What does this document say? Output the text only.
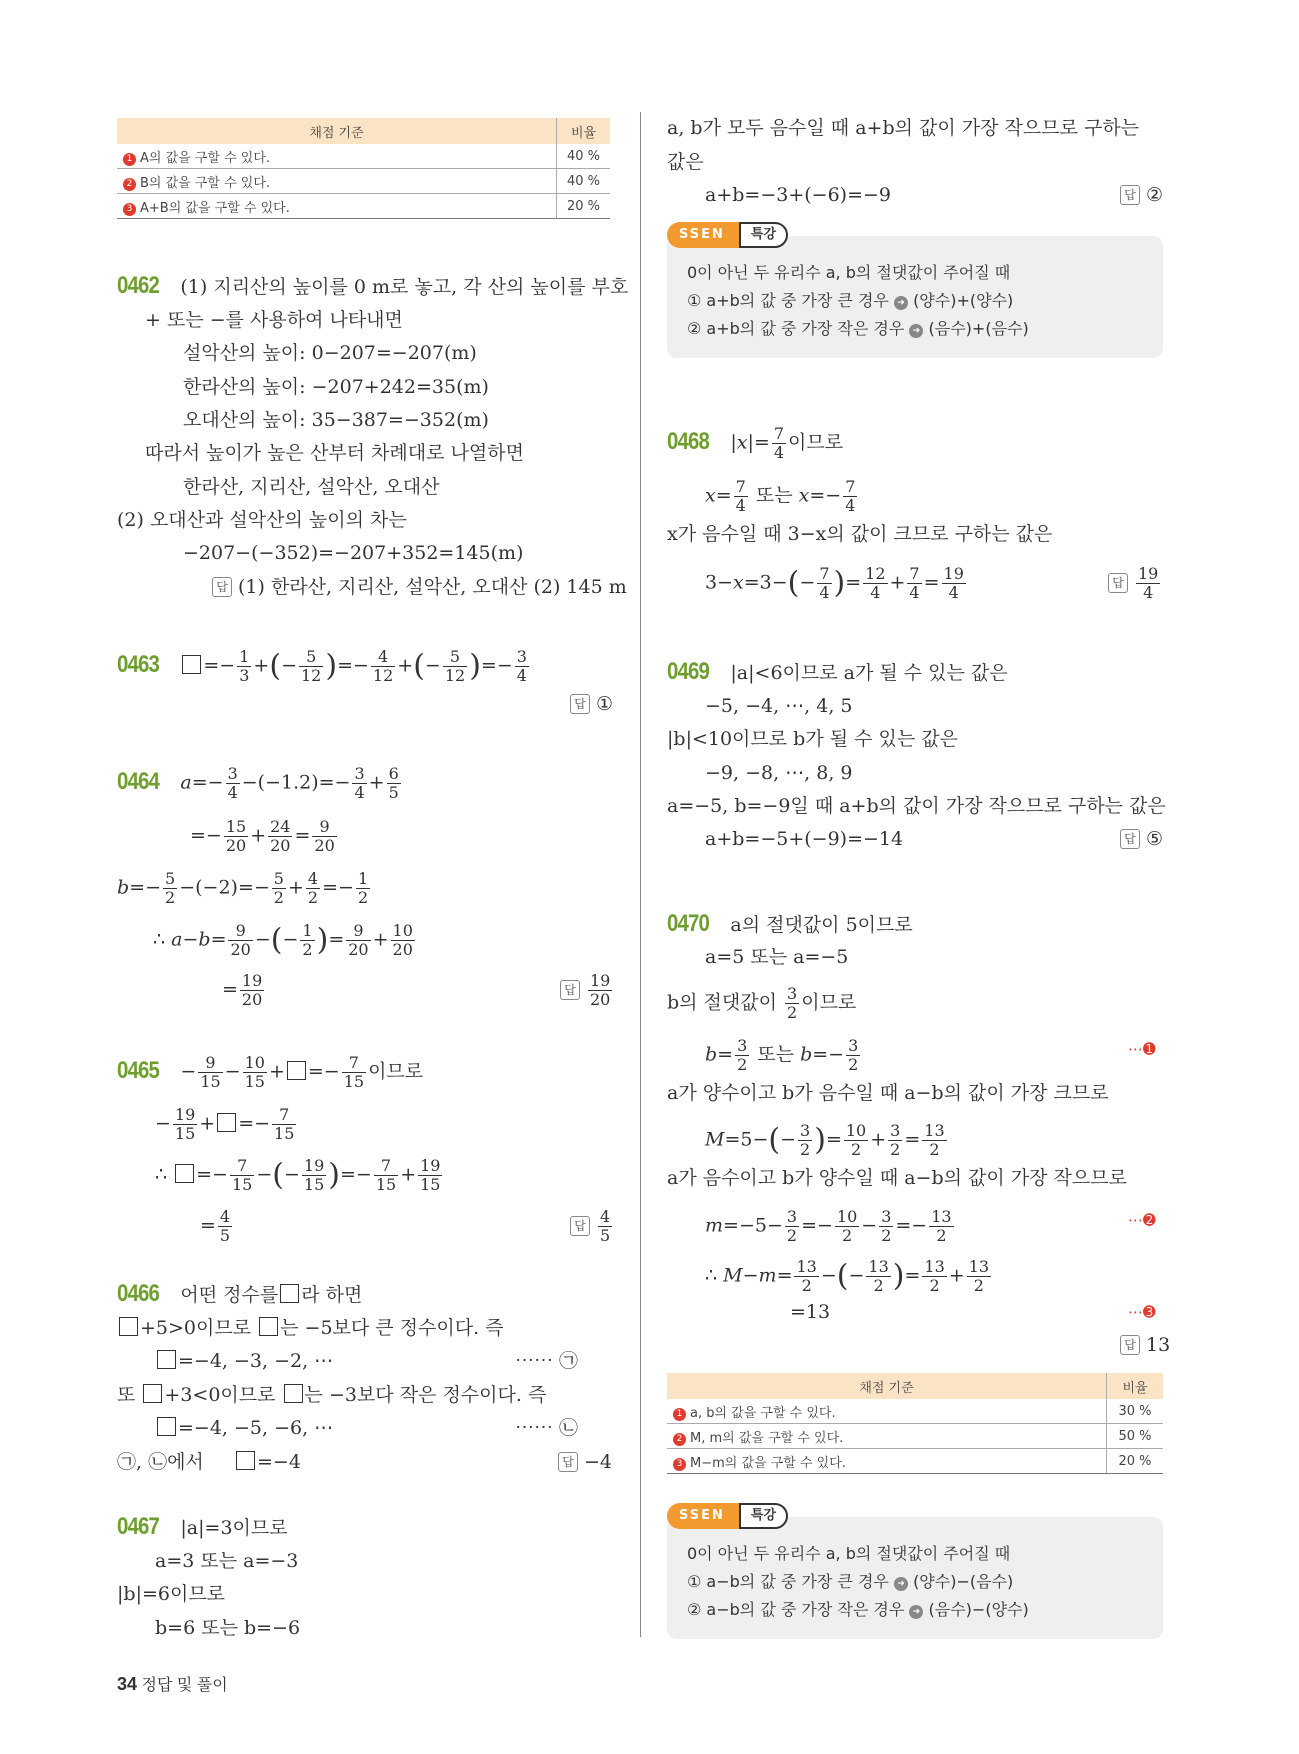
채점 기준	비율
1 A의 값을 구할 수 있다.	40 %
2 B의 값을 구할 수 있다.	40 %
3 A+B의 값을 구할 수 있다.	20 %
0462 (1) 지리산의 높이를 0 m로 놓고, 각 산의 높이를 부호
+ 또는 −를 사용하여 나타내면
설악산의 높이: 0−207=−207(m)
한라산의 높이: −207+242=35(m)
오대산의 높이: 35−387=−352(m)
따라서 높이가 높은 산부터 차례대로 나열하면
한라산, 지리산, 설악산, 오대산
(2) 오대산과 설악산의 높이의 차는
−207−(−352)=−207+352=145(m)
답 (1) 한라산, 지리산, 설악산, 오대산 (2) 145 m
$0463 =- \frac{1}{3}$ +(− $\frac{5}{12}$ )=− $\frac{4}{12}$ +(− $\frac{5}{12}$ )=− $\frac{3}{4}$
답 ①
0464 $a=- \frac{3}{4} -(-1.2)=- \frac{3}{4} + \frac{6}{5}$
=− $\frac{15}{20} + \frac{24}{20} = \frac{9}{20}$
$b=- \frac{5}{2} -(-2)=- \frac{5}{2} + \frac{4}{2} =- \frac{1}{2}$
∴ $a-b= \frac{9}{20}$ −(− $\frac{1}{2}$ )= $\frac{9}{20} + \frac{10}{20}$
= $\frac{19}{20}$	답 $\frac{19}{20}$
$0465 - \frac{9}{15} - \frac{10}{15}$ + =− $\frac{7}{15}$ 이므로
− $\frac{19}{15}$ + =− $\frac{7}{15}$
∴ =− $\frac{7}{15}$ −(− $\frac{19}{15}$ )=− $\frac{7}{15} + \frac{19}{15}$
= $\frac{4}{5}$	답 $\frac{4}{5}$
0466 어떤 정수를 라 하면
+5>0이므로 는 −5보다 큰 정수이다. 즉
=−4, −3, −2, ⋯	⋯⋯ ㉠
또 +3<0이므로 는 −3보다 작은 정수이다. 즉
=−4, −5, −6, ⋯	⋯⋯ ㉡
㉠, ㉡에서	=−4	답 −4
0467 |a|=3이므로
a=3 또는 a=−3
|b|=6이므로
b=6 또는 b=−6
a, b가 모두 음수일 때 a+b의 값이 가장 작으므로 구하는
값은
a+b=−3+(−6)=−9	답 ②
SSEN	특강
0이 아닌 두 유리수 a, b의 절댓값이 주어질 때
① a+b의 값 중 가장 큰 경우 ➜ (양수)+(양수)
② a+b의 값 중 가장 작은 경우 ➜ (음수)+(음수)
0468 $|x|= \frac{7}{4}$ 이므로
$x= \frac{7}{4}$ 또는 $x=- \frac{7}{4}$
x가 음수일 때 3−x의 값이 크므로 구하는 값은
$3-x=3-(- \frac{7}{4}$ )= $\frac{12}{4} + \frac{7}{4} = \frac{19}{4}$	답 $\frac{19}{4}$
0469 |a|<6이므로 a가 될 수 있는 값은
−5, −4, ⋯, 4, 5
|b|<10이므로 b가 될 수 있는 값은
−9, −8, ⋯, 8, 9
a=−5, b=−9일 때 a+b의 값이 가장 작으므로 구하는 값은
a+b=−5+(−9)=−14	답 ⑤
0470 a의 절댓값이 5이므로
a=5 또는 a=−5
b의 절댓값이 $\frac{3}{2}$ 이므로
$b= \frac{3}{2}$ 또는 $b=- \frac{3}{2}$	⋯➊
a가 양수이고 b가 음수일 때 a−b의 값이 가장 크므로
$M=5-(- \frac{3}{2}$ )= $\frac{10}{2} + \frac{3}{2} = \frac{13}{2}$
a가 음수이고 b가 양수일 때 a−b의 값이 가장 작으므로
$m=-5- \frac{3}{2} =- \frac{10}{2} - \frac{3}{2} =- \frac{13}{2}$	⋯➋
∴ $M-m= \frac{13}{2}$ −(− $\frac{13}{2}$ )= $\frac{13}{2} + \frac{13}{2}$
=13	⋯➌
답 13
채점 기준	비율
1 a, b의 값을 구할 수 있다.	30 %
2 M, m의 값을 구할 수 있다.	50 %
3 M−m의 값을 구할 수 있다.	20 %
SSEN	특강
0이 아닌 두 유리수 a, b의 절댓값이 주어질 때
① a−b의 값 중 가장 큰 경우 ➜ (양수)−(음수)
② a−b의 값 중 가장 작은 경우 ➜ (음수)−(양수)
34 정답 및 풀이
